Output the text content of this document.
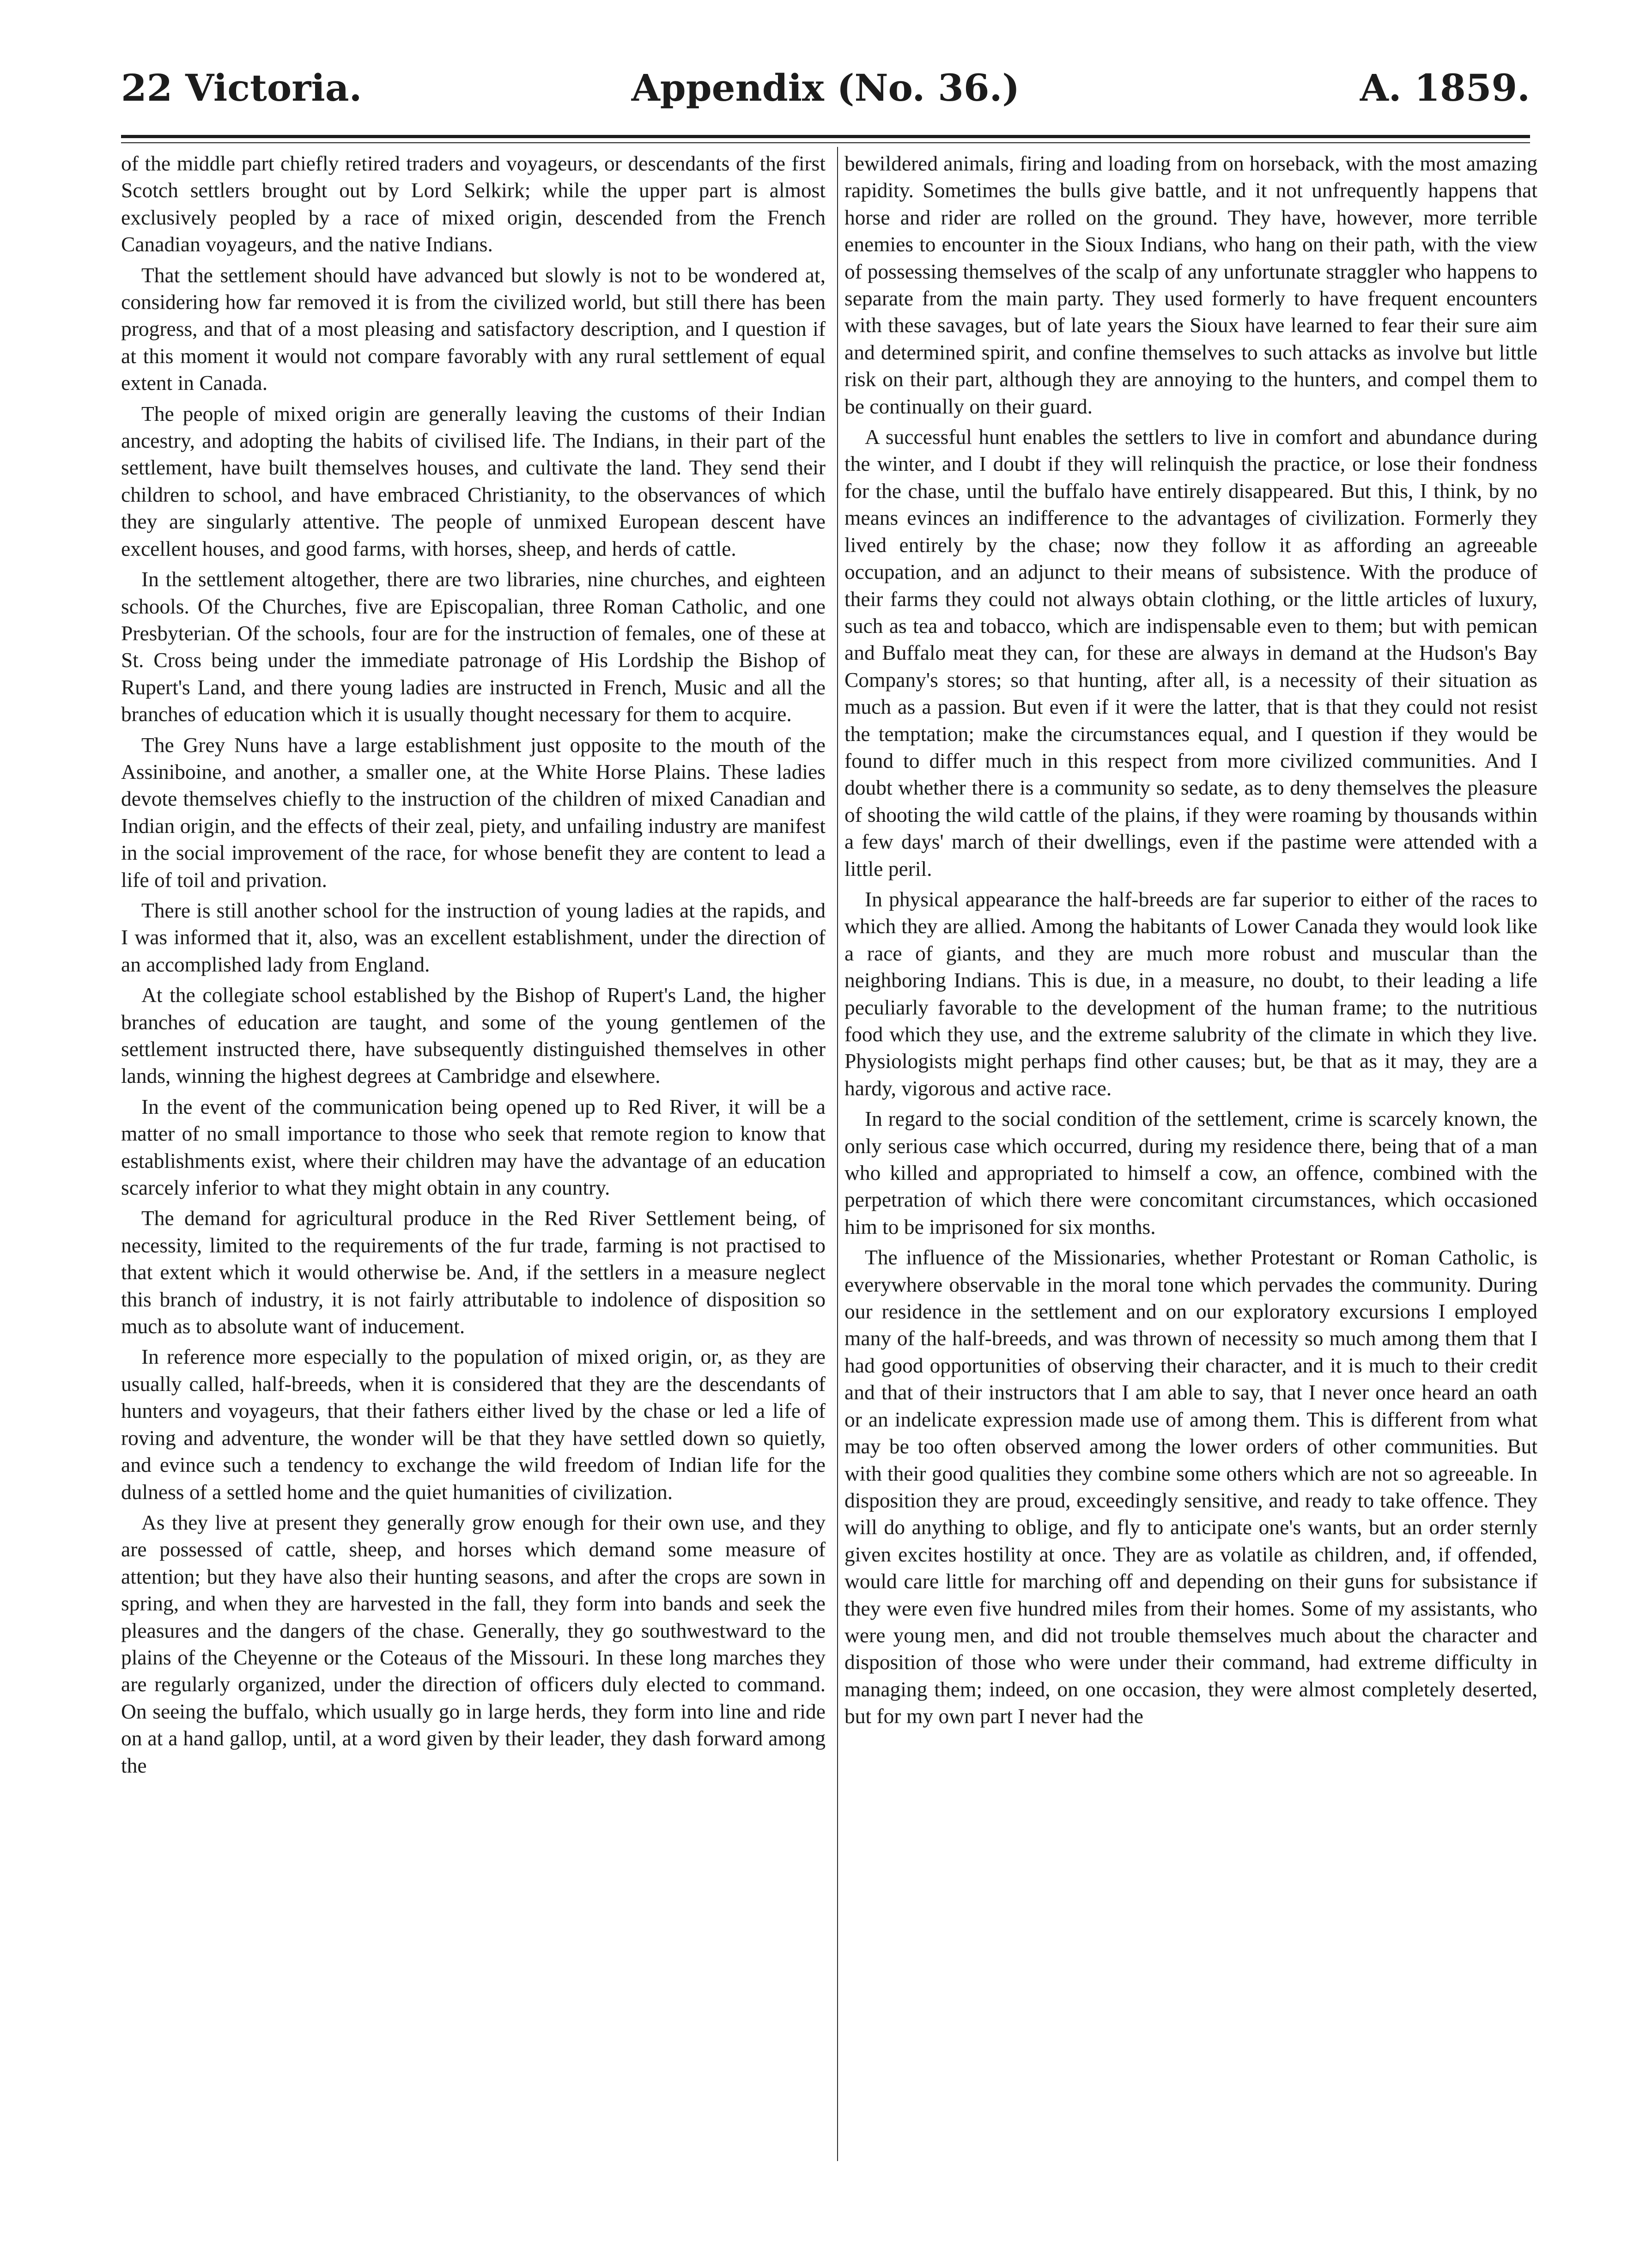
22 Victoria.	Appendix (No. 36.)	A. 1859.

of the middle part chiefly retired traders and voyageurs, or descendants of the first Scotch settlers brought out by Lord Selkirk; while the upper part is almost exclusively peopled by a race of mixed origin, descended from the French Canadian voyageurs, and the native Indians.

That the settlement should have advanced but slowly is not to be wondered at, considering how far removed it is from the civilized world, but still there has been progress, and that of a most pleasing and satisfactory description, and I question if at this moment it would not compare favorably with any rural settlement of equal extent in Canada.

The people of mixed origin are generally leaving the customs of their Indian ancestry, and adopting the habits of civilised life. The Indians, in their part of the settlement, have built themselves houses, and cultivate the land. They send their children to school, and have embraced Christianity, to the observances of which they are singularly attentive. The people of unmixed European descent have excellent houses, and good farms, with horses, sheep, and herds of cattle.

In the settlement altogether, there are two libraries, nine churches, and eighteen schools. Of the Churches, five are Episcopalian, three Roman Catholic, and one Presbyterian. Of the schools, four are for the instruction of females, one of these at St. Cross being under the immediate patronage of His Lordship the Bishop of Rupert's Land, and there young ladies are instructed in French, Music and all the branches of education which it is usually thought necessary for them to acquire.

The Grey Nuns have a large establishment just opposite to the mouth of the Assiniboine, and another, a smaller one, at the White Horse Plains. These ladies devote themselves chiefly to the instruction of the children of mixed Canadian and Indian origin, and the effects of their zeal, piety, and unfailing industry are manifest in the social improvement of the race, for whose benefit they are content to lead a life of toil and privation.

There is still another school for the instruction of young ladies at the rapids, and I was informed that it, also, was an excellent establishment, under the direction of an accomplished lady from England.

At the collegiate school established by the Bishop of Rupert's Land, the higher branches of education are taught, and some of the young gentlemen of the settlement instructed there, have subsequently distinguished themselves in other lands, winning the highest degrees at Cambridge and elsewhere.

In the event of the communication being opened up to Red River, it will be a matter of no small importance to those who seek that remote region to know that establishments exist, where their children may have the advantage of an education scarcely inferior to what they might obtain in any country.

The demand for agricultural produce in the Red River Settlement being, of necessity, limited to the requirements of the fur trade, farming is not practised to that extent which it would otherwise be. And, if the settlers in a measure neglect this branch of industry, it is not fairly attributable to indolence of disposition so much as to absolute want of inducement.

In reference more especially to the population of mixed origin, or, as they are usually called, half-breeds, when it is considered that they are the descendants of hunters and voyageurs, that their fathers either lived by the chase or led a life of roving and adventure, the wonder will be that they have settled down so quietly, and evince such a tendency to exchange the wild freedom of Indian life for the dulness of a settled home and the quiet humanities of civilization.

As they live at present they generally grow enough for their own use, and they are possessed of cattle, sheep, and horses which demand some measure of attention; but they have also their hunting seasons, and after the crops are sown in spring, and when they are harvested in the fall, they form into bands and seek the pleasures and the dangers of the chase. Generally, they go southwestward to the plains of the Cheyenne or the Coteaus of the Missouri. In these long marches they are regularly organized, under the direction of officers duly elected to command. On seeing the buffalo, which usually go in large herds, they form into line and ride on at a hand gallop, until, at a word given by their leader, they dash forward among the

bewildered animals, firing and loading from on horseback, with the most amazing rapidity. Sometimes the bulls give battle, and it not unfrequently happens that horse and rider are rolled on the ground. They have, however, more terrible enemies to encounter in the Sioux Indians, who hang on their path, with the view of possessing themselves of the scalp of any unfortunate straggler who happens to separate from the main party. They used formerly to have frequent encounters with these savages, but of late years the Sioux have learned to fear their sure aim and determined spirit, and confine themselves to such attacks as involve but little risk on their part, although they are annoying to the hunters, and compel them to be continually on their guard.

A successful hunt enables the settlers to live in comfort and abundance during the winter, and I doubt if they will relinquish the practice, or lose their fondness for the chase, until the buffalo have entirely disappeared. But this, I think, by no means evinces an indifference to the advantages of civilization. Formerly they lived entirely by the chase; now they follow it as affording an agreeable occupation, and an adjunct to their means of subsistence. With the produce of their farms they could not always obtain clothing, or the little articles of luxury, such as tea and tobacco, which are indispensable even to them; but with pemican and Buffalo meat they can, for these are always in demand at the Hudson's Bay Company's stores; so that hunting, after all, is a necessity of their situation as much as a passion. But even if it were the latter, that is that they could not resist the temptation; make the circumstances equal, and I question if they would be found to differ much in this respect from more civilized communities. And I doubt whether there is a community so sedate, as to deny themselves the pleasure of shooting the wild cattle of the plains, if they were roaming by thousands within a few days' march of their dwellings, even if the pastime were attended with a little peril.

In physical appearance the half-breeds are far superior to either of the races to which they are allied. Among the habitants of Lower Canada they would look like a race of giants, and they are much more robust and muscular than the neighboring Indians. This is due, in a measure, no doubt, to their leading a life peculiarly favorable to the development of the human frame; to the nutritious food which they use, and the extreme salubrity of the climate in which they live. Physiologists might perhaps find other causes; but, be that as it may, they are a hardy, vigorous and active race.

In regard to the social condition of the settlement, crime is scarcely known, the only serious case which occurred, during my residence there, being that of a man who killed and appropriated to himself a cow, an offence, combined with the perpetration of which there were concomitant circumstances, which occasioned him to be imprisoned for six months.

The influence of the Missionaries, whether Protestant or Roman Catholic, is everywhere observable in the moral tone which pervades the community. During our residence in the settlement and on our exploratory excursions I employed many of the half-breeds, and was thrown of necessity so much among them that I had good opportunities of observing their character, and it is much to their credit and that of their instructors that I am able to say, that I never once heard an oath or an indelicate expression made use of among them. This is different from what may be too often observed among the lower orders of other communities. But with their good qualities they combine some others which are not so agreeable. In disposition they are proud, exceedingly sensitive, and ready to take offence. They will do anything to oblige, and fly to anticipate one's wants, but an order sternly given excites hostility at once. They are as volatile as children, and, if offended, would care little for marching off and depending on their guns for subsistance if they were even five hundred miles from their homes. Some of my assistants, who were young men, and did not trouble themselves much about the character and disposition of those who were under their command, had extreme difficulty in managing them; indeed, on one occasion, they were almost completely deserted, but for my own part I never had the
